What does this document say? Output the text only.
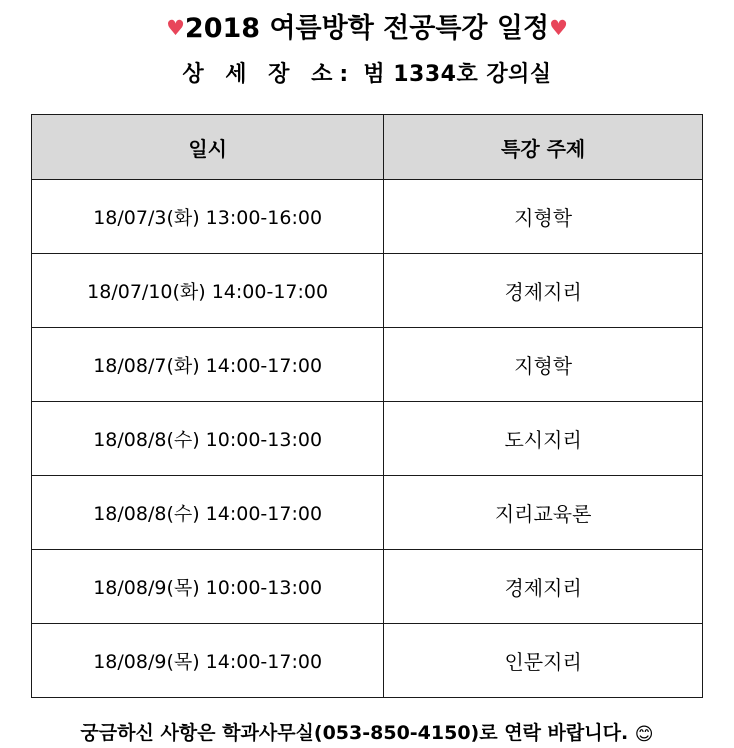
♥2018 여름방학 전공특강 일정♥
상 세 장 소: 범 1334호 강의실
일시	특강 주제
18/07/3(화) 13:00-16:00	지형학
18/07/10(화) 14:00-17:00	경제지리
18/08/7(화) 14:00-17:00	지형학
18/08/8(수) 10:00-13:00	도시지리
18/08/8(수) 14:00-17:00	지리교육론
18/08/9(목) 10:00-13:00	경제지리
18/08/9(목) 14:00-17:00	인문지리
궁금하신 사항은 학과사무실(053-850-4150)로 연락 바랍니다. 😊
